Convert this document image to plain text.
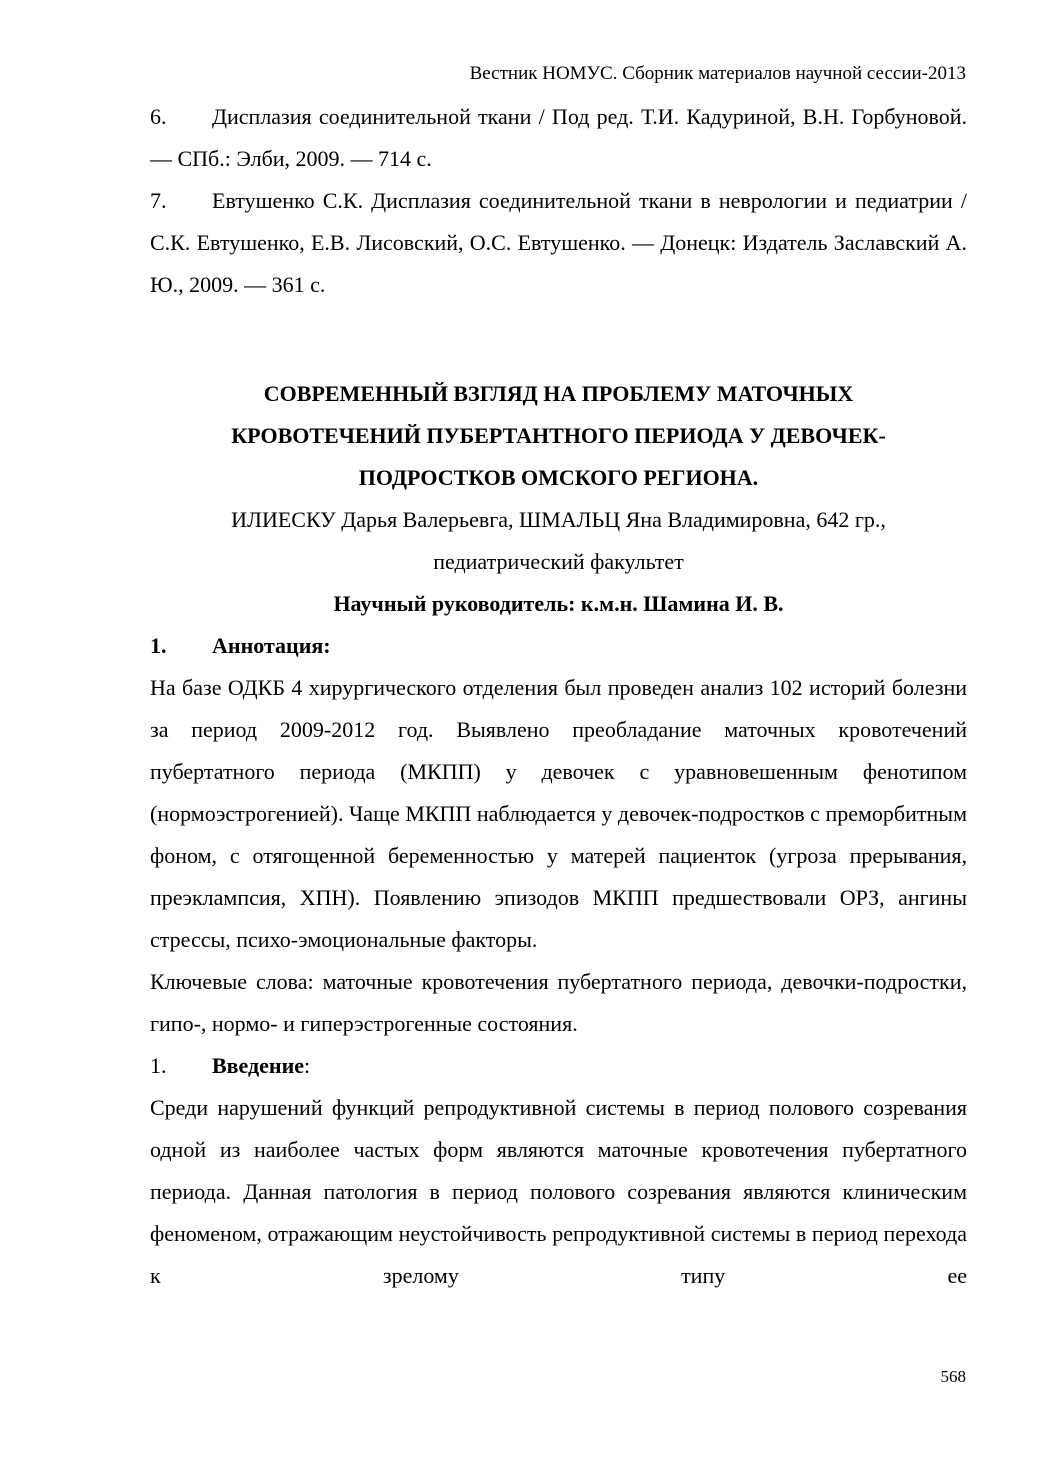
Вестник НОМУС. Сборник материалов научной сессии-2013

6. Дисплазия соединительной ткани / Под ред. Т.И. Кадуриной, В.Н. Горбуновой. — СПб.: Элби, 2009. — 714 с.

7. Евтушенко С.К. Дисплазия соединительной ткани в неврологии и педиатрии / С.К. Евтушенко, Е.В. Лисовский, О.С. Евтушенко. — Донецк: Издатель Заславский А. Ю., 2009. — 361 с.

СОВРЕМЕННЫЙ ВЗГЛЯД НА ПРОБЛЕМУ МАТОЧНЫХ
КРОВОТЕЧЕНИЙ ПУБЕРТАНТНОГО ПЕРИОДА У ДЕВОЧЕК-
ПОДРОСТКОВ ОМСКОГО РЕГИОНА.
ИЛИЕСКУ Дарья Валерьевга, ШМАЛЬЦ Яна Владимировна, 642 гр.,
педиатрический факультет
Научный руководитель: к.м.н. Шамина И. В.
1.	Аннотация:

На базе ОДКБ 4 хирургического отделения был проведен анализ 102 историй болезни за период 2009-2012 год. Выявлено преобладание маточных кровотечений пубертатного периода (МКПП) у девочек с уравновешенным фенотипом (нормоэстрогенией). Чаще МКПП наблюдается у девочек-подростков с преморбитным фоном, с отягощенной беременностью у матерей пациенток (угроза прерывания, преэклампсия, ХПН). Появлению эпизодов МКПП предшествовали ОРЗ, ангины стрессы, психо-эмоциональные факторы.

Ключевые слова: маточные кровотечения пубертатного периода, девочки-подростки, гипо-, нормо- и гиперэстрогенные состояния.

1.	Введение:

Среди нарушений функций репродуктивной системы в период полового созревания одной из наиболее частых форм являются маточные кровотечения пубертатного периода. Данная патология в период полового созревания являются клиническим феноменом, отражающим неустойчивость репродуктивной системы в период перехода к зрелому типу ее

568
